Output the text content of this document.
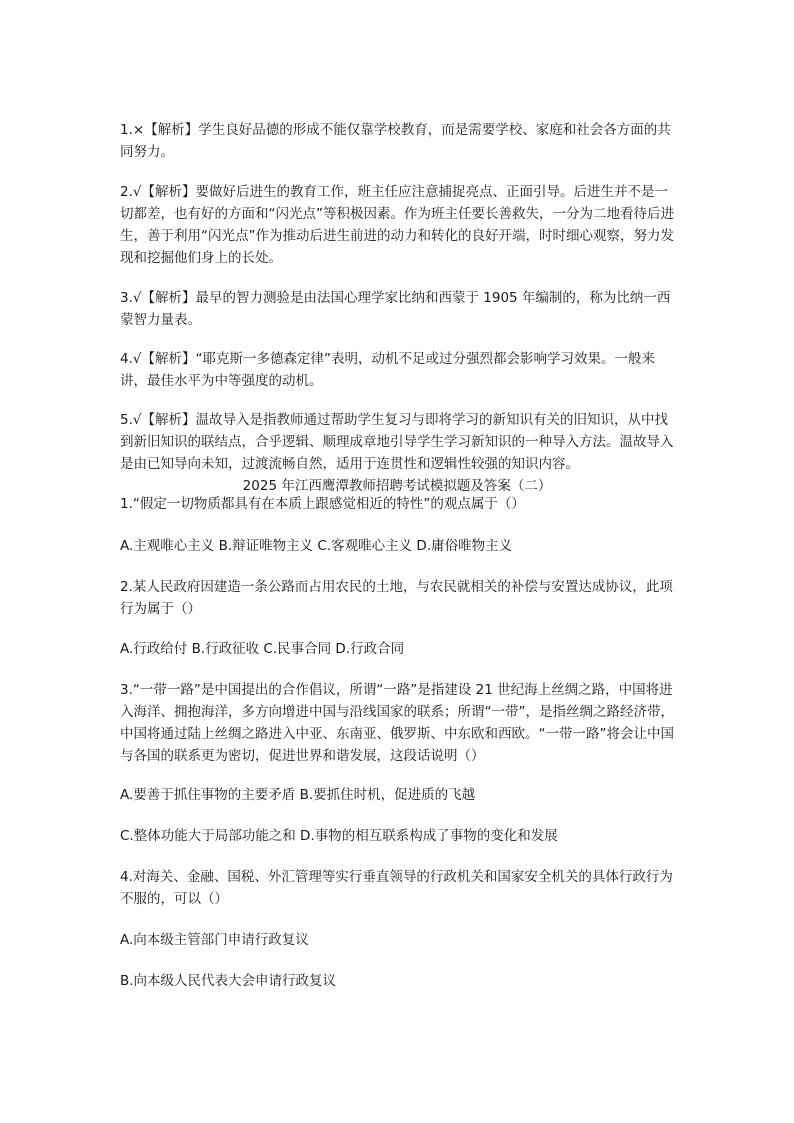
1.×【解析】学生良好品德的形成不能仅靠学校教育，而是需要学校、家庭和社会各方面的共同努力。
2.√【解析】要做好后进生的教育工作，班主任应注意捕捉亮点、正面引导。后进生并不是一切都差，也有好的方面和“闪光点”等积极因素。作为班主任要长善救失，一分为二地看待后进生，善于利用“闪光点”作为推动后进生前进的动力和转化的良好开端，时时细心观察，努力发现和挖掘他们身上的长处。
3.√【解析】最早的智力测验是由法国心理学家比纳和西蒙于 1905 年编制的，称为比纳一西蒙智力量表。
4.√【解析】“耶克斯一多德森定律”表明，动机不足或过分强烈都会影响学习效果。一般来讲，最佳水平为中等强度的动机。
5.√【解析】温故导入是指教师通过帮助学生复习与即将学习的新知识有关的旧知识，从中找到新旧知识的联结点，合乎逻辑、顺理成章地引导学生学习新知识的一种导入方法。温故导入是由已知导向未知，过渡流畅自然，适用于连贯性和逻辑性较强的知识内容。
2025 年江西鹰潭教师招聘考试模拟题及答案（二）
1.“假定一切物质都具有在本质上跟感觉相近的特性”的观点属于（）
A.主观唯心主义 B.辩证唯物主义 C.客观唯心主义 D.庸俗唯物主义
2.某人民政府因建造一条公路而占用农民的土地，与农民就相关的补偿与安置达成协议，此项行为属于（）
A.行政给付 B.行政征收 C.民事合同 D.行政合同
3.“一带一路”是中国提出的合作倡议，所谓“一路”是指建设 21 世纪海上丝绸之路，中国将进入海洋、拥抱海洋，多方向增进中国与沿线国家的联系；所谓“一带”，是指丝绸之路经济带，中国将通过陆上丝绸之路进入中亚、东南亚、俄罗斯、中东欧和西欧。“一带一路”将会让中国与各国的联系更为密切，促进世界和谐发展，这段话说明（）
A.要善于抓住事物的主要矛盾 B.要抓住时机，促进质的飞越
C.整体功能大于局部功能之和 D.事物的相互联系构成了事物的变化和发展
4.对海关、金融、国税、外汇管理等实行垂直领导的行政机关和国家安全机关的具体行政行为不服的，可以（）
A.向本级主管部门申请行政复议
B.向本级人民代表大会申请行政复议
